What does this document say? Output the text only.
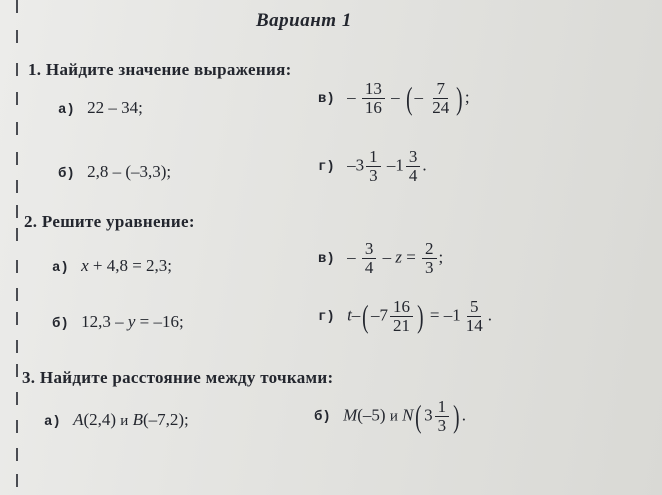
Вариант 1
1. Найдите значение выражения:
а) 22 – 34;	$в) - \frac{13}{16}$ – ( – $\frac{7}{24}$ ) ;
б) 2,8 – (–3,3);	г) $-3 \frac{1}{3} -1 \frac{3}{4}$ .
2. Решите уравнение:
а) x + 4,8 = 2,3;	$в) - \frac{3}{4} - z = \frac{2}{3}$ ;
б) 12,3 – y = –16;	г) t–( $-7 \frac{16}{21}$ ) = $-1 \frac{5}{14}$ .
3. Найдите расстояние между точками:
а) A(2,4) и B(–7,2);	б) M(–5) и N( $3 \frac{1}{3}$ ) .
